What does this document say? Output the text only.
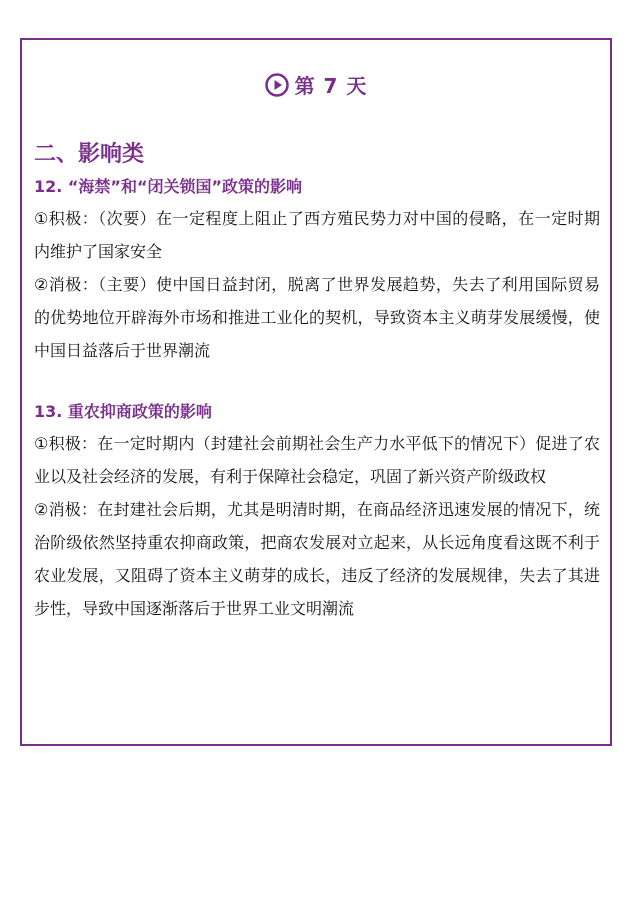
第 7 天
二、影响类

12. “海禁”和“闭关锁国”政策的影响

①积极：（次要）在一定程度上阻止了西方殖民势力对中国的侵略，在一定时期内维护了国家安全

②消极：（主要）使中国日益封闭，脱离了世界发展趋势，失去了利用国际贸易的优势地位开辟海外市场和推进工业化的契机，导致资本主义萌芽发展缓慢，使中国日益落后于世界潮流

13. 重农抑商政策的影响

①积极：在一定时期内（封建社会前期社会生产力水平低下的情况下）促进了农业以及社会经济的发展，有利于保障社会稳定，巩固了新兴资产阶级政权

②消极：在封建社会后期，尤其是明清时期，在商品经济迅速发展的情况下，统治阶级依然坚持重农抑商政策，把商农发展对立起来，从长远角度看这既不利于农业发展，又阻碍了资本主义萌芽的成长，违反了经济的发展规律，失去了其进步性，导致中国逐渐落后于世界工业文明潮流
